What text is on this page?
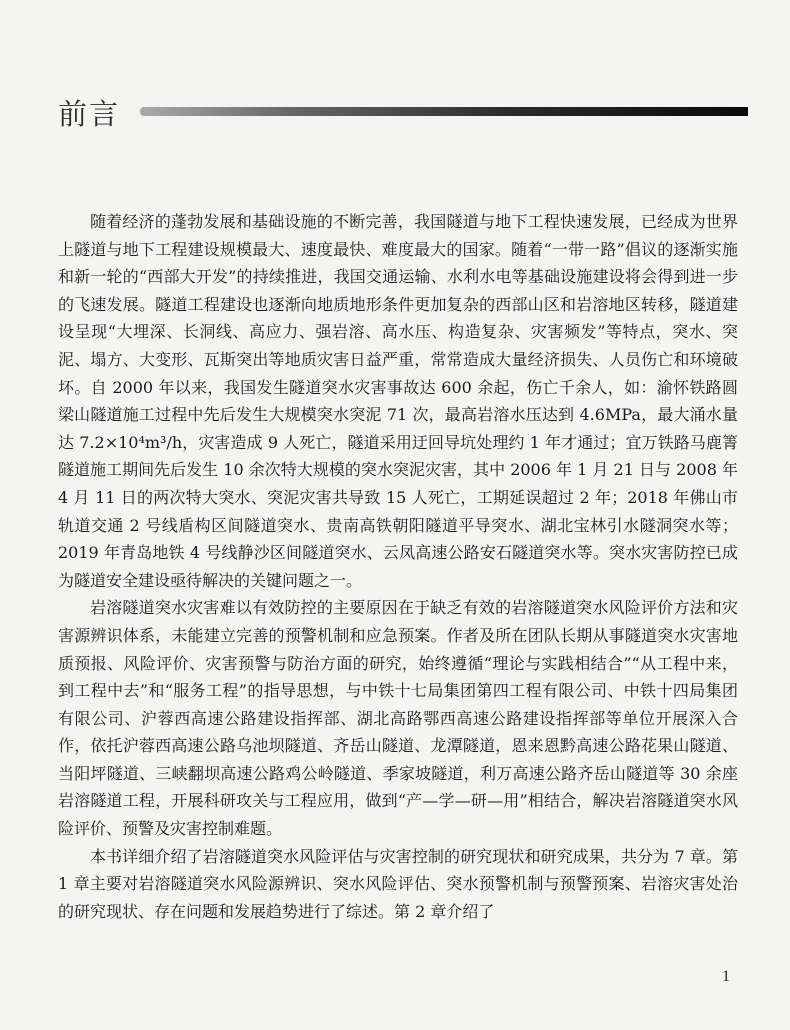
前言

随着经济的蓬勃发展和基础设施的不断完善，我国隧道与地下工程快速发展，已经成为世界上隧道与地下工程建设规模最大、速度最快、难度最大的国家。随着“一带一路”倡议的逐渐实施和新一轮的“西部大开发”的持续推进，我国交通运输、水利水电等基础设施建设将会得到进一步的飞速发展。隧道工程建设也逐渐向地质地形条件更加复杂的西部山区和岩溶地区转移，隧道建设呈现“大埋深、长洞线、高应力、强岩溶、高水压、构造复杂、灾害频发”等特点，突水、突泥、塌方、大变形、瓦斯突出等地质灾害日益严重，常常造成大量经济损失、人员伤亡和环境破坏。自 2000 年以来，我国发生隧道突水灾害事故达 600 余起，伤亡千余人，如：渝怀铁路圆梁山隧道施工过程中先后发生大规模突水突泥 71 次，最高岩溶水压达到 4.6MPa，最大涌水量达 7.2×10⁴m³/h，灾害造成 9 人死亡，隧道采用迂回导坑处理约 1 年才通过；宜万铁路马鹿箐隧道施工期间先后发生 10 余次特大规模的突水突泥灾害，其中 2006 年 1 月 21 日与 2008 年 4 月 11 日的两次特大突水、突泥灾害共导致 15 人死亡，工期延误超过 2 年；2018 年佛山市轨道交通 2 号线盾构区间隧道突水、贵南高铁朝阳隧道平导突水、湖北宝林引水隧洞突水等；2019 年青岛地铁 4 号线静沙区间隧道突水、云凤高速公路安石隧道突水等。突水灾害防控已成为隧道安全建设亟待解决的关键问题之一。

岩溶隧道突水灾害难以有效防控的主要原因在于缺乏有效的岩溶隧道突水风险评价方法和灾害源辨识体系，未能建立完善的预警机制和应急预案。作者及所在团队长期从事隧道突水灾害地质预报、风险评价、灾害预警与防治方面的研究，始终遵循“理论与实践相结合”“从工程中来，到工程中去”和“服务工程”的指导思想，与中铁十七局集团第四工程有限公司、中铁十四局集团有限公司、沪蓉西高速公路建设指挥部、湖北高路鄂西高速公路建设指挥部等单位开展深入合作，依托沪蓉西高速公路乌池坝隧道、齐岳山隧道、龙潭隧道，恩来恩黔高速公路花果山隧道、当阳坪隧道、三峡翻坝高速公路鸡公岭隧道、季家坡隧道，利万高速公路齐岳山隧道等 30 余座岩溶隧道工程，开展科研攻关与工程应用，做到“产—学—研—用”相结合，解决岩溶隧道突水风险评价、预警及灾害控制难题。

本书详细介绍了岩溶隧道突水风险评估与灾害控制的研究现状和研究成果，共分为 7 章。第 1 章主要对岩溶隧道突水风险源辨识、突水风险评估、突水预警机制与预警预案、岩溶灾害处治的研究现状、存在问题和发展趋势进行了综述。第 2 章介绍了

1
